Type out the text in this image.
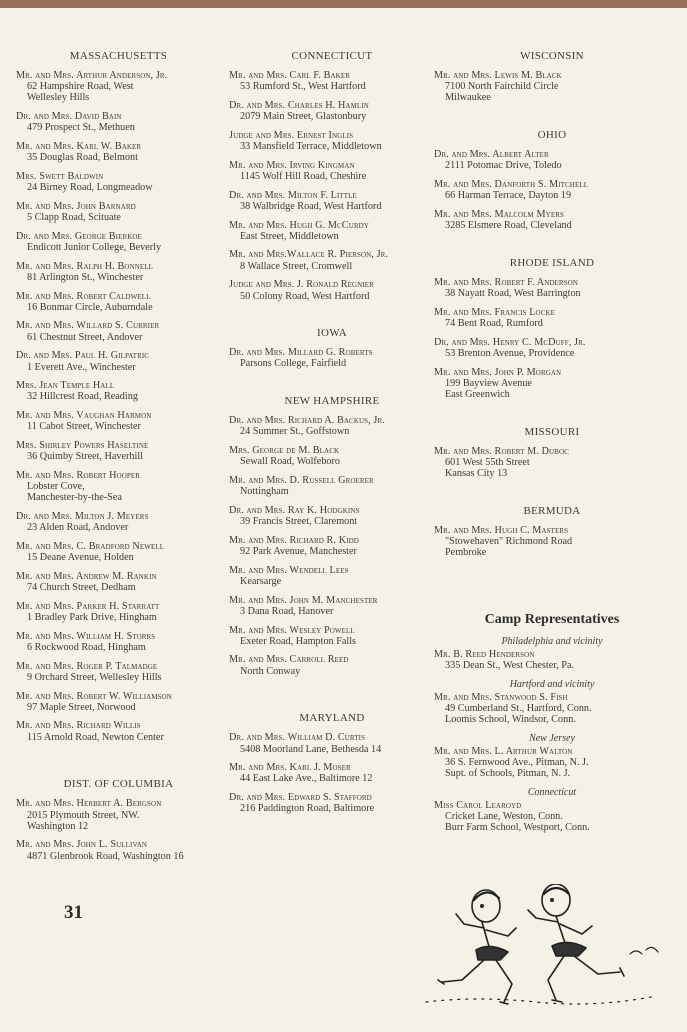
MASSACHUSETTS
Mr. and Mrs. Arthur Anderson, Jr.
62 Hampshire Road, West
Wellesley Hills
Dr. and Mrs. David Bain
479 Prospect St., Methuen
Mr. and Mrs. Karl W. Baker
35 Douglas Road, Belmont
Mrs. Swett Baldwin
24 Birney Road, Longmeadow
Mr. and Mrs. John Barnard
5 Clapp Road, Scituate
Dr. and Mrs. George Bierkoe
Endicott Junior College, Beverly
Mr. and Mrs. Ralph H. Bonnell
81 Arlington St., Winchester
Mr. and Mrs. Robert Caldwell
16 Bonmar Circle, Auburndale
Mr. and Mrs. Willard S. Currier
61 Chestnut Street, Andover
Dr. and Mrs. Paul H. Gilpatric
1 Everett Ave., Winchester
Mrs. Jean Temple Hall
32 Hillcrest Road, Reading
Mr. and Mrs. Vaughan Harmon
11 Cabot Street, Winchester
Mrs. Shirley Powers Haseltine
36 Quimby Street, Haverhill
Mr. and Mrs. Robert Hooper
Lobster Cove,
Manchester-by-the-Sea
Dr. and Mrs. Milton J. Meyers
23 Alden Road, Andover
Mr. and Mrs. C. Bradford Newell
15 Deane Avenue, Holden
Mr. and Mrs. Andrew M. Rankin
74 Church Street, Dedham
Mr. and Mrs. Parker H. Starratt
1 Bradley Park Drive, Hingham
Mr. and Mrs. William H. Storrs
6 Rockwood Road, Hingham
Mr. and Mrs. Roger P. Talmadge
9 Orchard Street, Wellesley Hills
Mr. and Mrs. Robert W. Williamson
97 Maple Street, Norwood
Mr. and Mrs. Richard Willis
115 Arnold Road, Newton Center
DIST. OF COLUMBIA
Mr. and Mrs. Herbert A. Bergson
2015 Plymouth Street, NW.
Washington 12
Mr. and Mrs. John L. Sullivan
4871 Glenbrook Road, Washington 16
CONNECTICUT
Mr. and Mrs. Carl F. Baker
53 Rumford St., West Hartford
Dr. and Mrs. Charles H. Hamlin
2079 Main Street, Glastonbury
Judge and Mrs. Ernest Inglis
33 Mansfield Terrace, Middletown
Mr. and Mrs. Irving Kingman
1145 Wolf Hill Road, Cheshire
Dr. and Mrs. Milton F. Little
38 Walbridge Road, West Hartford
Mr. and Mrs. Hugh G. McCurdy
East Street, Middletown
Mr. and Mrs.Wallace R. Pierson, Jr.
8 Wallace Street, Cromwell
Judge and Mrs. J. Ronald Regnier
50 Colony Road, West Hartford
IOWA
Dr. and Mrs. Millard G. Roberts
Parsons College, Fairfield
NEW HAMPSHIRE
Dr. and Mrs. Richard A. Backus, Jr.
24 Summer St., Goffstown
Mrs. George de M. Black
Sewall Road, Wolfeboro
Mr. and Mrs. D. Russell Groerer
Nottingham
Dr. and Mrs. Ray K. Hodgkins
39 Francis Street, Claremont
Mr. and Mrs. Richard R. Kidd
92 Park Avenue, Manchester
Mr. and Mrs. Wendell Lees
Kearsarge
Mr. and Mrs. John M. Manchester
3 Dana Road, Hanover
Mr. and Mrs. Wesley Powell
Exeter Road, Hampton Falls
Mr. and Mrs. Carroll Reed
North Conway
MARYLAND
Dr. and Mrs. William D. Curtis
5408 Moorland Lane, Bethesda 14
Mr. and Mrs. Karl J. Moser
44 East Lake Ave., Baltimore 12
Dr. and Mrs. Edward S. Stafford
216 Paddington Road, Baltimore
WISCONSIN
Mr. and Mrs. Lewis M. Black
7100 North Fairchild Circle
Milwaukee
OHIO
Dr. and Mrs. Albert Alter
2111 Potomac Drive, Toledo
Mr. and Mrs. Danforth S. Mitchell
66 Harman Terrace, Dayton 19
Mr. and Mrs. Malcolm Myers
3285 Elsmere Road, Cleveland
RHODE ISLAND
Mr. and Mrs. Robert F. Anderson
38 Nayatt Road, West Barrington
Mr. and Mrs. Francis Locke
74 Bent Road, Rumford
Dr. and Mrs. Henry C. McDuff, Jr.
53 Brenton Avenue, Providence
Mr. and Mrs. John P. Morgan
199 Bayview Avenue
East Greenwich
MISSOURI
Mr. and Mrs. Robert M. Duboc
601 West 55th Street
Kansas City 13
BERMUDA
Mr. and Mrs. Hugh C. Masters
"Stowehaven" Richmond Road
Pembroke
Camp Representatives
Philadelphia and vicinity
Mr. B. Reed Henderson
335 Dean St., West Chester, Pa.
Hartford and vicinity
Mr. and Mrs. Stanwood S. Fish
49 Cumberland St., Hartford, Conn.
Loomis School, Windsor, Conn.
New Jersey
Mr. and Mrs. L. Arthur Walton
36 S. Fernwood Ave., Pitman, N. J.
Supt. of Schools, Pitman, N. J.
Connecticut
Miss Carol Learoyd
Cricket Lane, Weston, Conn.
Burr Farm School, Westport, Conn.
31
